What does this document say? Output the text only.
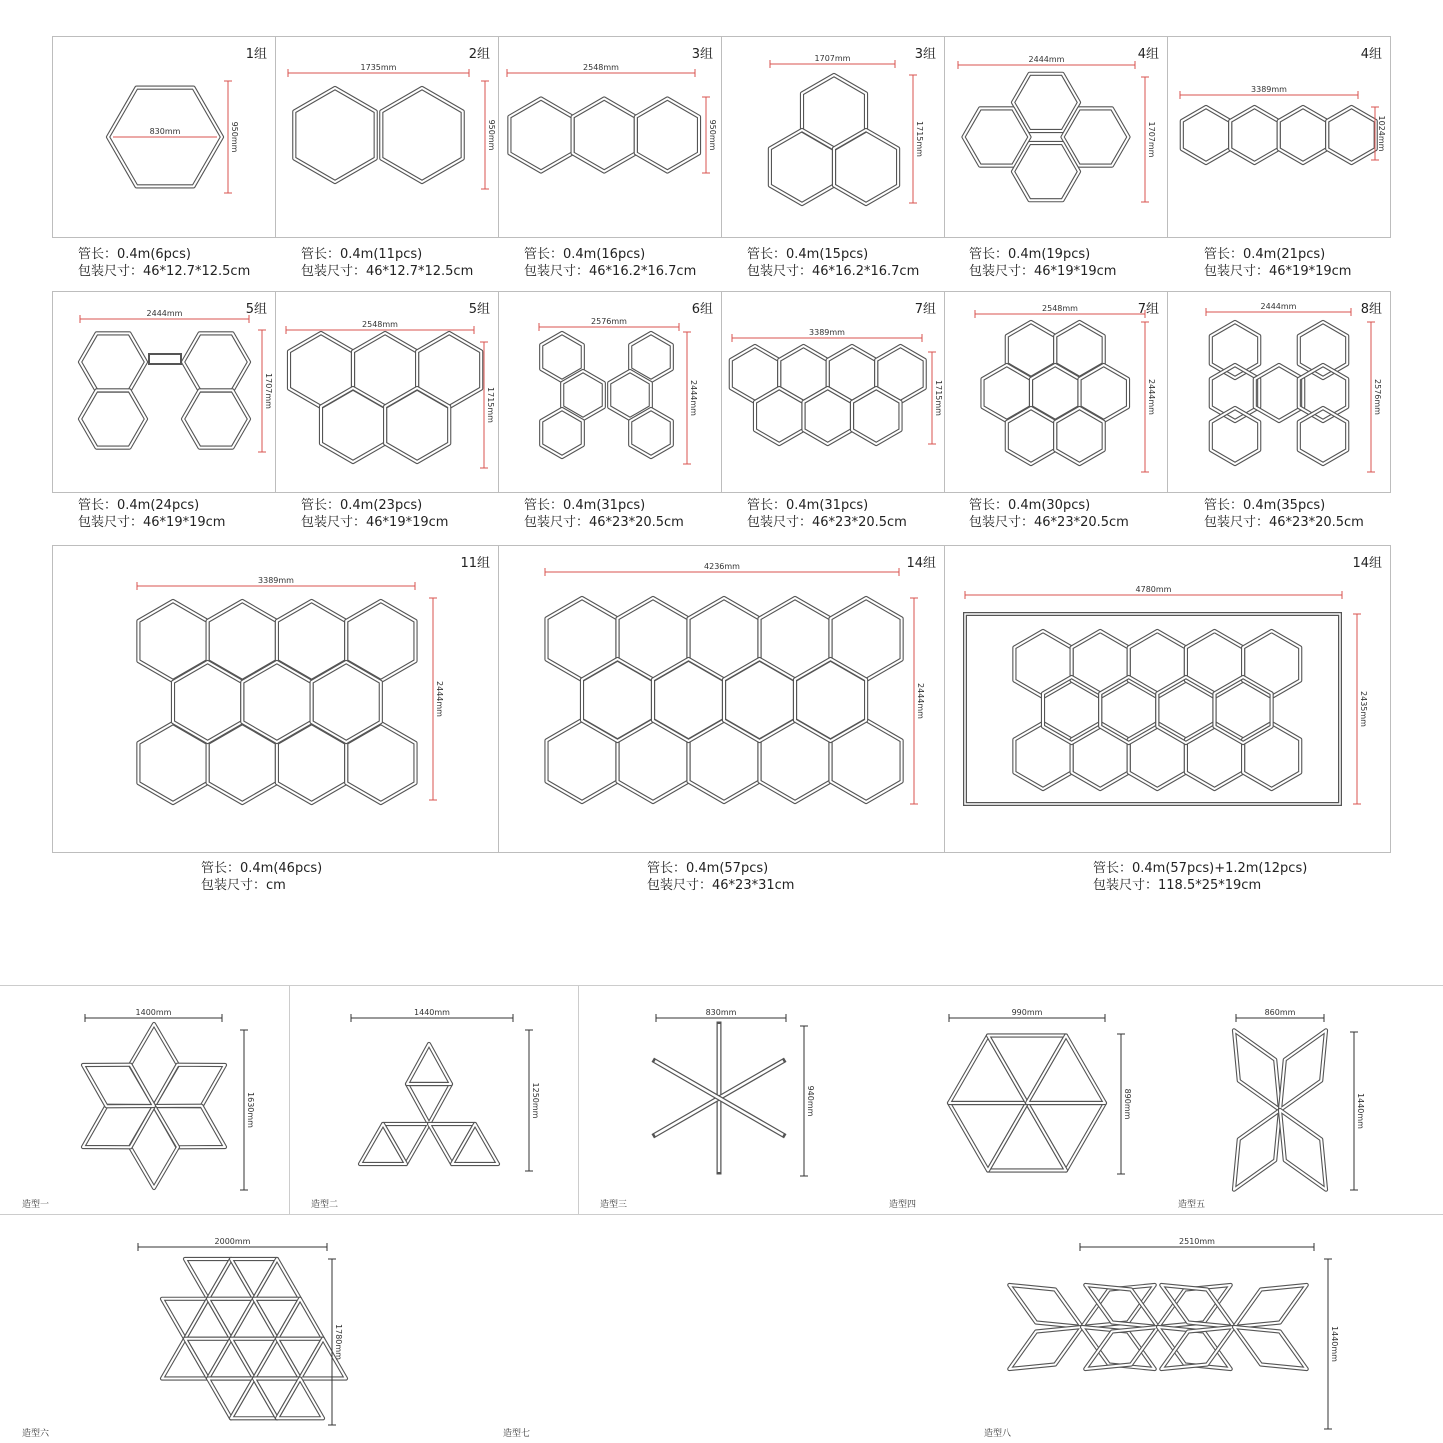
1组
830mm	950mm
2组
1735mm
950mm
3组
2548mm
950mm
3组
1707mm
1715mm
4组
2444mm
1707mm
4组
3389mm
1024mm
管长：0.4m(6pcs)
包装尺寸：46*12.7*12.5cm
管长：0.4m(11pcs)
包装尺寸：46*12.7*12.5cm
管长：0.4m(16pcs)
包装尺寸：46*16.2*16.7cm
管长：0.4m(15pcs)
包装尺寸：46*16.2*16.7cm
管长：0.4m(19pcs)
包装尺寸：46*19*19cm
管长：0.4m(21pcs)
包装尺寸：46*19*19cm
5组
2444mm
1707mm
5组
2548mm
1715mm
6组
2576mm
2444mm
7组
3389mm
1715mm
7组
2548mm
2444mm
8组
2444mm
2576mm
管长：0.4m(24pcs)
包装尺寸：46*19*19cm
管长：0.4m(23pcs)
包装尺寸：46*19*19cm
管长：0.4m(31pcs)
包装尺寸：46*23*20.5cm
管长：0.4m(31pcs)
包装尺寸：46*23*20.5cm
管长：0.4m(30pcs)
包装尺寸：46*23*20.5cm
管长：0.4m(35pcs)
包装尺寸：46*23*20.5cm
11组
3389mm
2444mm
14组
4236mm
2444mm
14组
4780mm
2435mm
管长：0.4m(46pcs)
包装尺寸：cm
管长：0.4m(57pcs)
包装尺寸：46*23*31cm
管长：0.4m(57pcs)+1.2m(12pcs)
包装尺寸：118.5*25*19cm
1400mm
1630mm
造型一
1440mm
1250mm
造型二
830mm
940mm
造型三
990mm
890mm
造型四
860mm
1440mm
造型五
2000mm
1780mm
造型六	造型七
2510mm
1440mm
造型八
